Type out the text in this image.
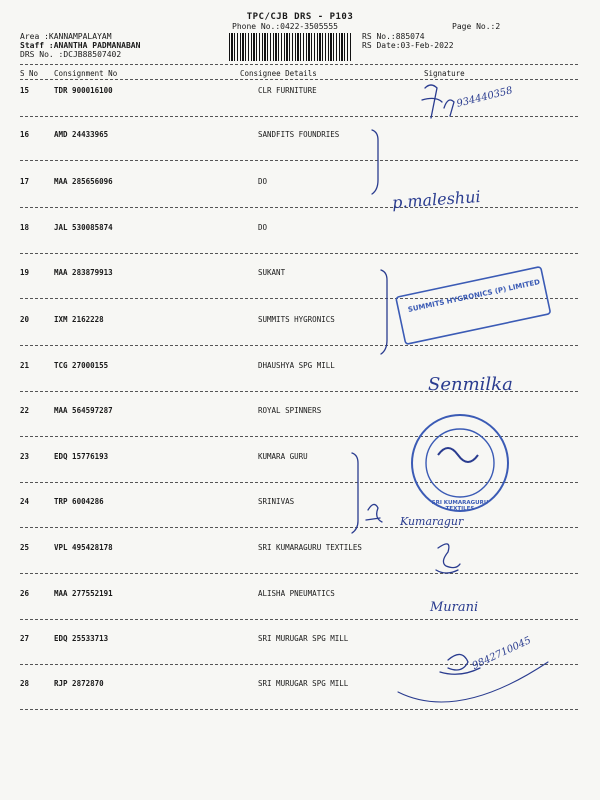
TPC/CJB DRS - P103
Phone No.:0422-3505555	Page No.:2
Area :KANNAMPALAYAM
Staff :ANANTHA PADMANABAN
DRS No. :DCJB88507402
RS No.:885074
RS Date:03-Feb-2022
S No Consignment No	Consignee Details	Signature
15	TDR 900016100	CLR FURNITURE
16	AMD 24433965	SANDFITS FOUNDRIES
17	MAA 285656096	DO
18	JAL 530085874	DO
19	MAA 283879913	SUKANT
20	IXM 2162228	SUMMITS HYGRONICS
21	TCG 27000155	DHAUSHYA SPG MILL
22	MAA 564597287	ROYAL SPINNERS
23	EDQ 15776193	KUMARA GURU
24	TRP 6004286	SRINIVAS
25	VPL 495428178	SRI KUMARAGURU TEXTILES
26	MAA 277552191	ALISHA PNEUMATICS
27	EDQ 25533713	SRI MURUGAR SPG MILL
28	RJP 2872870	SRI MURUGAR SPG MILL
934440358
p.maleshui
Senmilka
Kumaragur
Murani
9842710045
SUMMITS HYGRONICS (P) LIMITED
SRI KUMARAGURU TEXTILES
